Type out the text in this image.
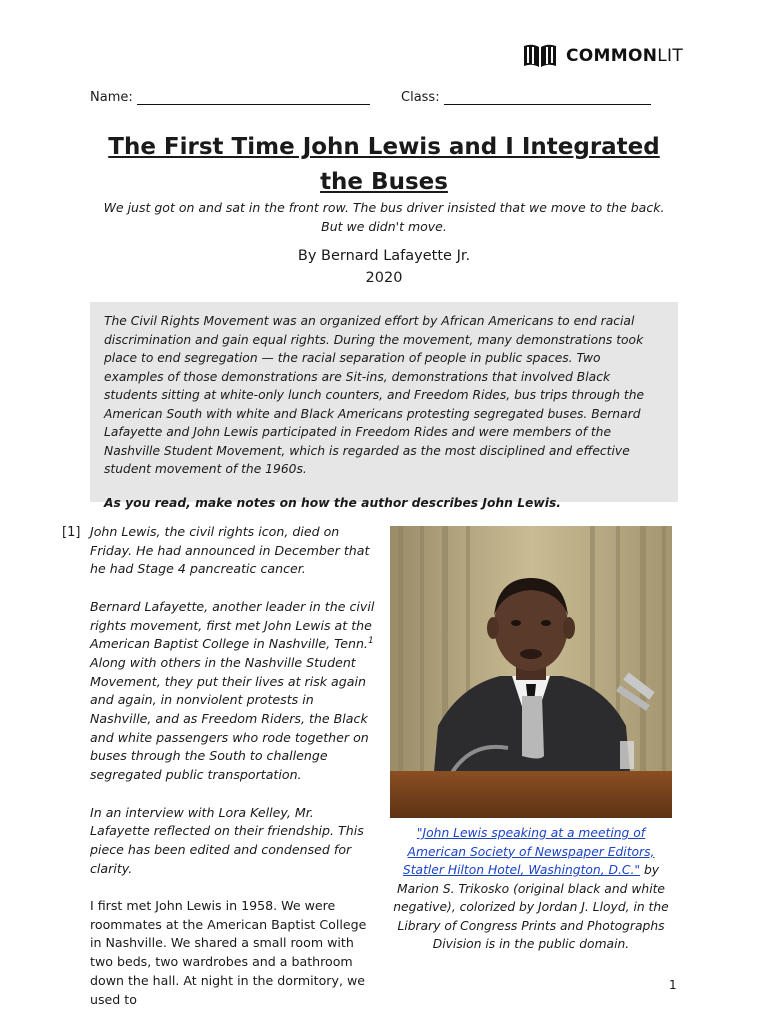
COMMONLIT
Name:	Class:
The First Time John Lewis and I Integrated the Buses

We just got on and sat in the front row. The bus driver insisted that we move to the back. But we didn't move.

By Bernard Lafayette Jr.
2020

The Civil Rights Movement was an organized effort by African Americans to end racial discrimination and gain equal rights. During the movement, many demonstrations took place to end segregation — the racial separation of people in public spaces. Two examples of those demonstrations are Sit-ins, demonstrations that involved Black students sitting at white-only lunch counters, and Freedom Rides, bus trips through the American South with white and Black Americans protesting segregated buses. Bernard Lafayette and John Lewis participated in Freedom Rides and were members of the Nashville Student Movement, which is regarded as the most disciplined and effective student movement of the 1960s.

As you read, make notes on how the author describes John Lewis.

[1] John Lewis, the civil rights icon, died on Friday. He had announced in December that he had Stage 4 pancreatic cancer.

Bernard Lafayette, another leader in the civil rights movement, first met John Lewis at the American Baptist College in Nashville, Tenn.$^1$ Along with others in the Nashville Student Movement, they put their lives at risk again and again, in nonviolent protests in Nashville, and as Freedom Riders, the Black and white passengers who rode together on buses through the South to challenge segregated public transportation.

In an interview with Lora Kelley, Mr. Lafayette reflected on their friendship. This piece has been edited and condensed for clarity.

I first met John Lewis in 1958. We were roommates at the American Baptist College in Nashville. We shared a small room with two beds, two wardrobes and a bathroom down the hall. At night in the dormitory, we used to

"John Lewis speaking at a meeting of American Society of Newspaper Editors, Statler Hilton Hotel, Washington, D.C." by Marion S. Trikosko (original black and white negative), colorized by Jordan J. Lloyd, in the Library of Congress Prints and Photographs Division is in the public domain.
1
